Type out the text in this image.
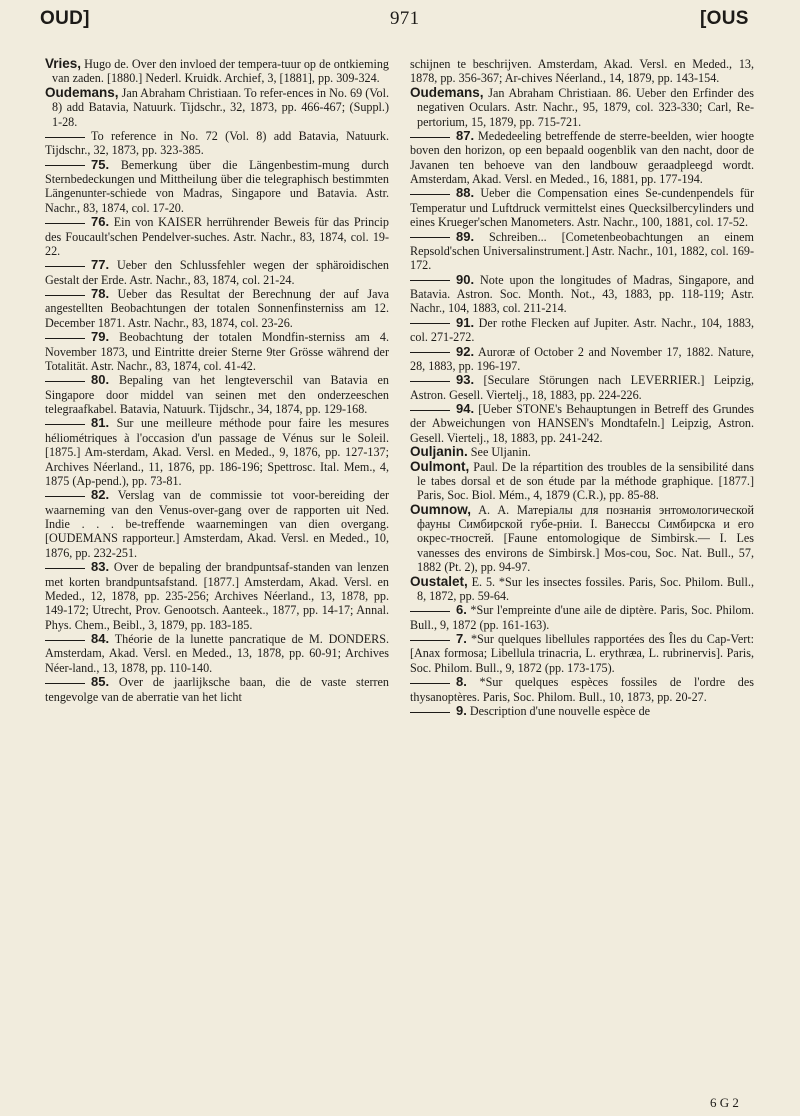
OUD]	971	[OUS
Vries, Hugo de. Over den invloed der tempera-tuur op de ontkieming van zaden. [1880.] Nederl. Kruidk. Archief, 3, [1881], pp. 309-324.
Oudemans, Jan Abraham Christiaan. To refer-ences in No. 69 (Vol. 8) add Batavia, Natuurk. Tijdschr., 32, 1873, pp. 466-467; (Suppl.) 1-28.
To reference in No. 72 (Vol. 8) add Batavia, Natuurk. Tijdschr., 32, 1873, pp. 323-385.
75. Bemerkung über die Längenbestim-mung durch Sternbedeckungen und Mittheilung über die telegraphisch bestimmten Längenunter-schiede von Madras, Singapore und Batavia. Astr. Nachr., 83, 1874, col. 17-20.
76. Ein von KAISER herrührender Beweis für das Princip des Foucault'schen Pendelver-suches. Astr. Nachr., 83, 1874, col. 19-22.
77. Ueber den Schlussfehler wegen der sphäroidischen Gestalt der Erde. Astr. Nachr., 83, 1874, col. 21-24.
78. Ueber das Resultat der Berechnung der auf Java angestellten Beobachtungen der totalen Sonnenfinsterniss am 12. December 1871. Astr. Nachr., 83, 1874, col. 23-26.
79. Beobachtung der totalen Mondfin-sterniss am 4. November 1873, und Eintritte dreier Sterne 9ter Grösse während der Totalität. Astr. Nachr., 83, 1874, col. 41-42.
80. Bepaling van het lengteverschil van Batavia en Singapore door middel van seinen met den onderzeeschen telegraafkabel. Batavia, Natuurk. Tijdschr., 34, 1874, pp. 129-168.
81. Sur une meilleure méthode pour faire les mesures héliométriques à l'occasion d'un passage de Vénus sur le Soleil. [1875.] Am-sterdam, Akad. Versl. en Meded., 9, 1876, pp. 127-137; Archives Néerland., 11, 1876, pp. 186-196; Spettrosc. Ital. Mem., 4, 1875 (Ap-pend.), pp. 73-81.
82. Verslag van de commissie tot voor-bereiding der waarneming van den Venus-over-gang over de rapporten uit Ned. Indie . . . be-treffende waarnemingen van dien overgang. [OUDEMANS rapporteur.] Amsterdam, Akad. Versl. en Meded., 10, 1876, pp. 232-251.
83. Over de bepaling der brandpuntsaf-standen van lenzen met korten brandpuntsafstand. [1877.] Amsterdam, Akad. Versl. en Meded., 12, 1878, pp. 235-256; Archives Néerland., 13, 1878, pp. 149-172; Utrecht, Prov. Genootsch. Aanteek., 1877, pp. 14-17; Annal. Phys. Chem., Beibl., 3, 1879, pp. 183-185.
84. Théorie de la lunette pancratique de M. DONDERS. Amsterdam, Akad. Versl. en Meded., 13, 1878, pp. 60-91; Archives Néer-land., 13, 1878, pp. 110-140.
85. Over de jaarlijksche baan, die de vaste sterren tengevolge van de aberratie van het licht
schijnen te beschrijven. Amsterdam, Akad. Versl. en Meded., 13, 1878, pp. 356-367; Ar-chives Néerland., 14, 1879, pp. 143-154.
Oudemans, Jan Abraham Christiaan. 86. Ueber den Erfinder des negativen Oculars. Astr. Nachr., 95, 1879, col. 323-330; Carl, Re-pertorium, 15, 1879, pp. 715-721.
87. Mededeeling betreffende de sterre-beelden, wier hoogte boven den horizon, op een bepaald oogenblik van den nacht, door de Javanen ten behoeve van den landbouw geraadpleegd wordt. Amsterdam, Akad. Versl. en Meded., 16, 1881, pp. 177-194.
88. Ueber die Compensation eines Se-cundenpendels für Temperatur und Luftdruck vermittelst eines Quecksilbercylinders und eines Krueger'schen Manometers. Astr. Nachr., 100, 1881, col. 17-52.
89. Schreiben... [Cometenbeobachtungen an einem Repsold'schen Universalinstrument.] Astr. Nachr., 101, 1882, col. 169-172.
90. Note upon the longitudes of Madras, Singapore, and Batavia. Astron. Soc. Month. Not., 43, 1883, pp. 118-119; Astr. Nachr., 104, 1883, col. 211-214.
91. Der rothe Flecken auf Jupiter. Astr. Nachr., 104, 1883, col. 271-272.
92. Auroræ of October 2 and November 17, 1882. Nature, 28, 1883, pp. 196-197.
93. [Seculare Störungen nach LEVERRIER.] Leipzig, Astron. Gesell. Viertelj., 18, 1883, pp. 224-226.
94. [Ueber STONE's Behauptungen in Betreff des Grundes der Abweichungen von HANSEN's Mondtafeln.] Leipzig, Astron. Gesell. Viertelj., 18, 1883, pp. 241-242.
Ouljanin. See Uljanin.
Oulmont, Paul. De la répartition des troubles de la sensibilité dans le tabes dorsal et de son étude par la méthode graphique. [1877.] Paris, Soc. Biol. Mém., 4, 1879 (C.R.), pp. 85-88.
Oumnow, A. A. Матеріалы для познанія энтомологической фауны Симбирской губе-рніи. I. Ванессы Симбирска и его окрес-тностей. [Faune entomologique de Simbirsk.— I. Les vanesses des environs de Simbirsk.] Mos-cou, Soc. Nat. Bull., 57, 1882 (Pt. 2), pp. 94-97.
Oustalet, E. 5. *Sur les insectes fossiles. Paris, Soc. Philom. Bull., 8, 1872, pp. 59-64.
6. *Sur l'empreinte d'une aile de diptère. Paris, Soc. Philom. Bull., 9, 1872 (pp. 161-163).
7. *Sur quelques libellules rapportées des Îles du Cap-Vert: [Anax formosa; Libellula trinacria, L. erythræa, L. rubrinervis]. Paris, Soc. Philom. Bull., 9, 1872 (pp. 173-175).
8. *Sur quelques espèces fossiles de l'ordre des thysanoptères. Paris, Soc. Philom. Bull., 10, 1873, pp. 20-27.
9. Description d'une nouvelle espèce de
6 G 2
